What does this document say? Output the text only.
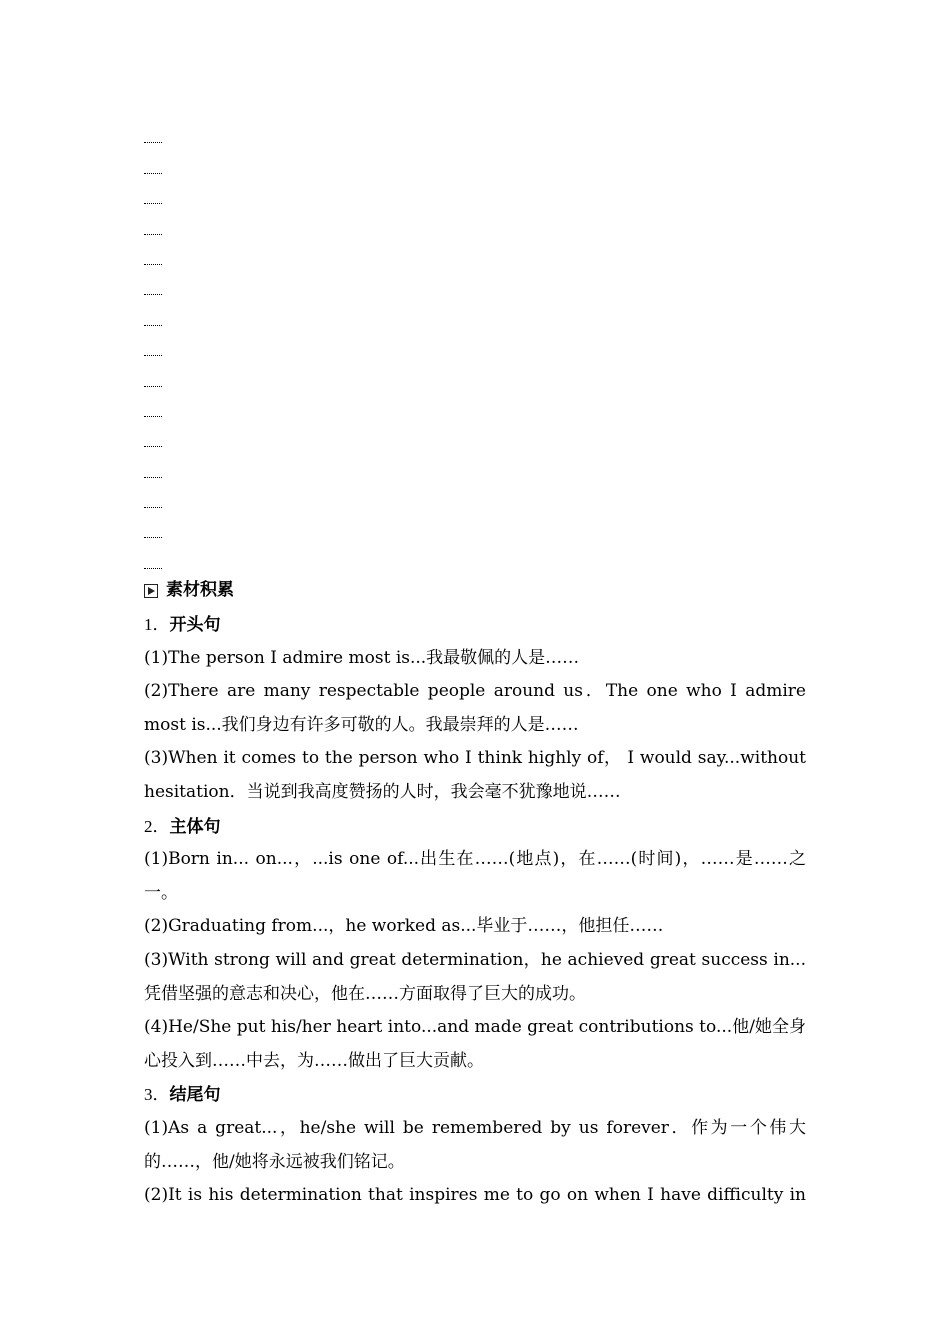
素材积累
1．开头句

(1)The person I admire most is...我最敬佩的人是……

(2)There are many respectable people around us．The one who I admire most is...我们身边有许多可敬的人。我最崇拜的人是……

(3)When it comes to the person who I think highly of， I would say...without hesitation．当说到我高度赞扬的人时，我会毫不犹豫地说……

2．主体句

(1)Born in... on...，...is one of...出生在……(地点)，在……(时间)，……是……之一。

(2)Graduating from...，he worked as...毕业于……，他担任……

(3)With strong will and great determination，he achieved great success in...凭借坚强的意志和决心，他在……方面取得了巨大的成功。

(4)He/She put his/her heart into...and made great contributions to...他/她全身心投入到……中去，为……做出了巨大贡献。

3．结尾句

(1)As a great...，he/she will be remembered by us forever．作为一个伟大的……，他/她将永远被我们铭记。

(2)It is his determination that inspires me to go on when I have difficulty in
